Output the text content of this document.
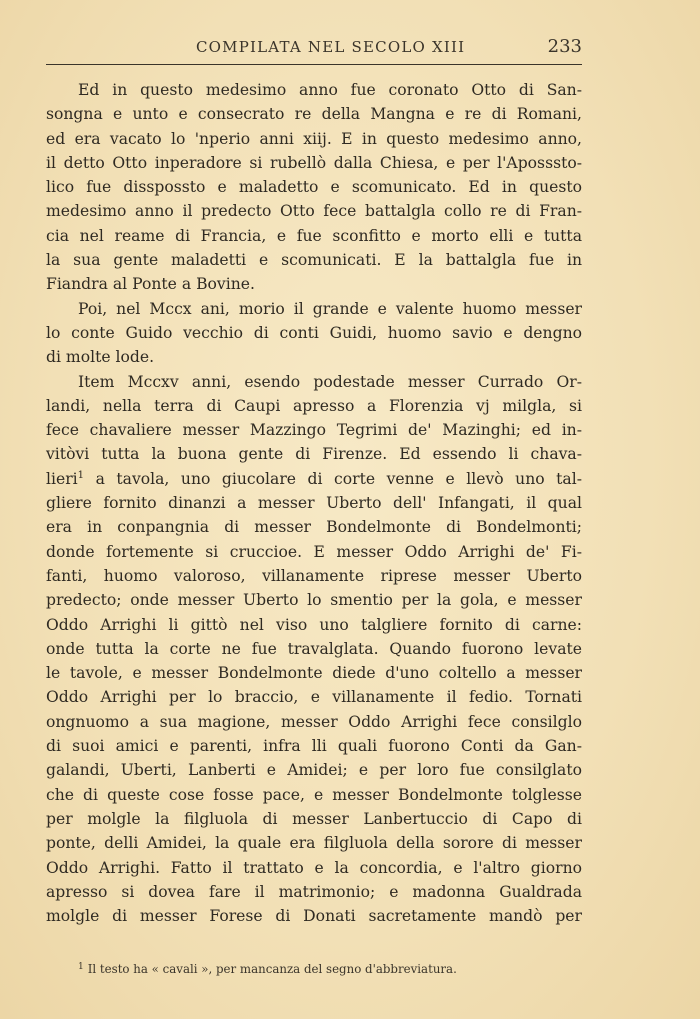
COMPILATA NEL SECOLO XIII	233
Ed in questo medesimo anno fue coronato Otto di San-
songna e unto e consecrato re della Mangna e re di Romani,
ed era vacato lo 'nperio anni xiij. E in questo medesimo anno,
il detto Otto inperadore si rubellò dalla Chiesa, e per l'Aposssto-
lico fue disspossto e maladetto e scomunicato. Ed in questo
medesimo anno il predecto Otto fece battalgla collo re di Fran-
cia nel reame di Francia, e fue sconfitto e morto elli e tutta
la sua gente maladetti e scomunicati. E la battalgla fue in
Fiandra al Ponte a Bovine.
Poi, nel Mccx ani, morio il grande e valente huomo messer
lo conte Guido vecchio di conti Guidi, huomo savio e dengno
di molte lode.
Item Mccxv anni, esendo podestade messer Currado Or-
landi, nella terra di Caupi apresso a Florenzia vj milgla, si
fece chavaliere messer Mazzingo Tegrimi de' Mazinghi; ed in-
vitòvi tutta la buona gente di Firenze. Ed essendo li chava-
lieri$^1$ a tavola, uno giucolare di corte venne e llevò uno tal-
gliere fornito dinanzi a messer Uberto dell' Infangati, il qual
era in conpangnia di messer Bondelmonte di Bondelmonti;
donde fortemente si cruccioe. E messer Oddo Arrighi de' Fi-
fanti, huomo valoroso, villanamente riprese messer Uberto
predecto; onde messer Uberto lo smentio per la gola, e messer
Oddo Arrighi li gittò nel viso uno talgliere fornito di carne:
onde tutta la corte ne fue travalglata. Quando fuorono levate
le tavole, e messer Bondelmonte diede d'uno coltello a messer
Oddo Arrighi per lo braccio, e villanamente il fedio. Tornati
ongnuomo a sua magione, messer Oddo Arrighi fece consilglo
di suoi amici e parenti, infra lli quali fuorono Conti da Gan-
galandi, Uberti, Lanberti e Amidei; e per loro fue consilglato
che di queste cose fosse pace, e messer Bondelmonte tolglesse
per molgle la filgluola di messer Lanbertuccio di Capo di
ponte, delli Amidei, la quale era filgluola della sorore di messer
Oddo Arrighi. Fatto il trattato e la concordia, e l'altro giorno
apresso si dovea fare il matrimonio; e madonna Gualdrada
molgle di messer Forese di Donati sacretamente mandò per
$^1$ Il testo ha « cavali », per mancanza del segno d'abbreviatura.
